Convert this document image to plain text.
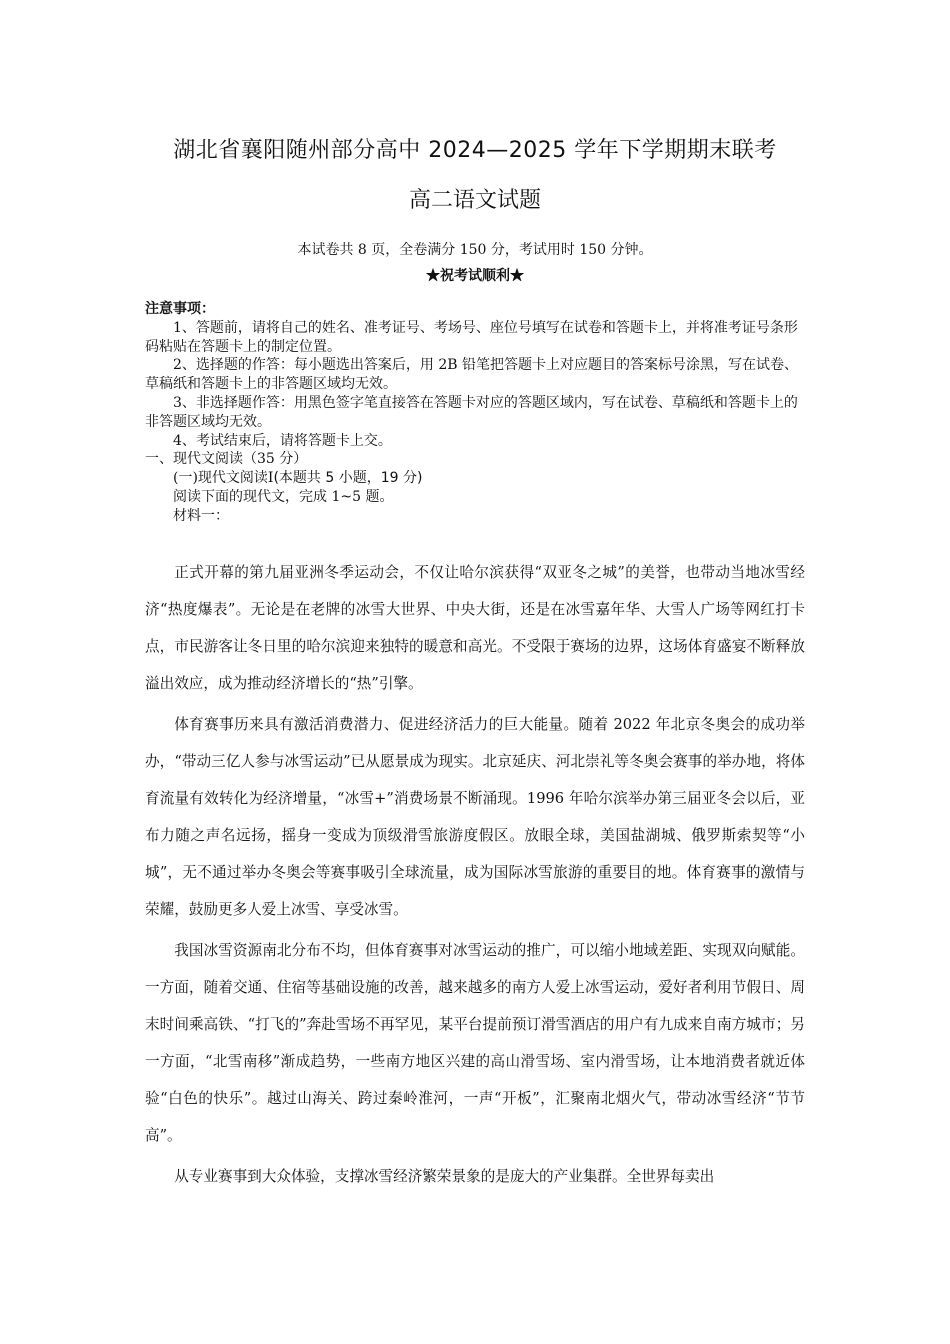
湖北省襄阳随州部分高中 2024—2025 学年下学期期末联考
高二语文试题
本试卷共 8 页，全卷满分 150 分，考试用时 150 分钟。
★祝考试顺利★
注意事项：

1、答题前，请将自己的姓名、准考证号、考场号、座位号填写在试卷和答题卡上，并将准考证号条形码粘贴在答题卡上的制定位置。

2、选择题的作答：每小题选出答案后，用 2B 铅笔把答题卡上对应题目的答案标号涂黑，写在试卷、草稿纸和答题卡上的非答题区域均无效。

3、非选择题作答：用黑色签字笔直接答在答题卡对应的答题区域内，写在试卷、草稿纸和答题卡上的非答题区域均无效。

4、考试结束后，请将答题卡上交。

一、现代文阅读（35 分）

(一)现代文阅读Ⅰ(本题共 5 小题，19 分)

阅读下面的现代文，完成 1~5 题。

材料一：

正式开幕的第九届亚洲冬季运动会，不仅让哈尔滨获得“双亚冬之城”的美誉，也带动当地冰雪经济“热度爆表”。无论是在老牌的冰雪大世界、中央大街，还是在冰雪嘉年华、大雪人广场等网红打卡点，市民游客让冬日里的哈尔滨迎来独特的暖意和高光。不受限于赛场的边界，这场体育盛宴不断释放溢出效应，成为推动经济增长的“热”引擎。

体育赛事历来具有激活消费潜力、促进经济活力的巨大能量。随着 2022 年北京冬奥会的成功举办，“带动三亿人参与冰雪运动”已从愿景成为现实。北京延庆、河北崇礼等冬奥会赛事的举办地，将体育流量有效转化为经济增量，“冰雪+”消费场景不断涌现。1996 年哈尔滨举办第三届亚冬会以后，亚布力随之声名远扬，摇身一变成为顶级滑雪旅游度假区。放眼全球，美国盐湖城、俄罗斯索契等“小城”，无不通过举办冬奥会等赛事吸引全球流量，成为国际冰雪旅游的重要目的地。体育赛事的激情与荣耀，鼓励更多人爱上冰雪、享受冰雪。

我国冰雪资源南北分布不均，但体育赛事对冰雪运动的推广，可以缩小地域差距、实现双向赋能。一方面，随着交通、住宿等基础设施的改善，越来越多的南方人爱上冰雪运动，爱好者利用节假日、周末时间乘高铁、“打飞的”奔赴雪场不再罕见，某平台提前预订滑雪酒店的用户有九成来自南方城市；另一方面，“北雪南移”渐成趋势，一些南方地区兴建的高山滑雪场、室内滑雪场，让本地消费者就近体验“白色的快乐”。越过山海关、跨过秦岭淮河，一声“开板”，汇聚南北烟火气，带动冰雪经济“节节高”。

从专业赛事到大众体验，支撑冰雪经济繁荣景象的是庞大的产业集群。全世界每卖出
